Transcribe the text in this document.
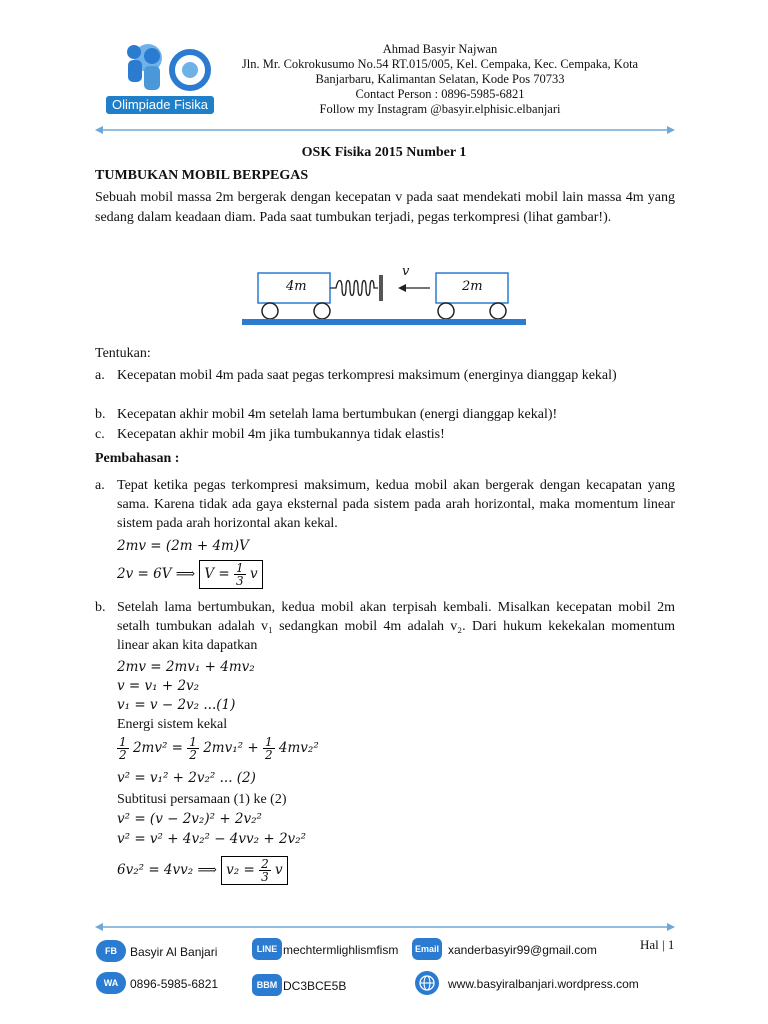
Olimpiade Fisika
Ahmad Basyir Najwan
Jln. Mr. Cokrokusumo No.54 RT.015/005, Kel. Cempaka, Kec. Cempaka, Kota
Banjarbaru, Kalimantan Selatan, Kode Pos 70733
Contact Person : 0896-5985-6821
Follow my Instagram @basyir.elphisic.elbanjari
OSK Fisika 2015 Number 1
TUMBUKAN MOBIL BERPEGAS
Sebuah mobil massa 2m bergerak dengan kecepatan v pada saat mendekati mobil lain massa 4m yang sedang dalam keadaan diam. Pada saat tumbukan terjadi, pegas terkompresi (lihat gambar!).
4m	2m
v
Tentukan:
a. Kecepatan mobil 4m pada saat pegas terkompresi maksimum (energinya dianggap kekal)
b. Kecepatan akhir mobil 4m setelah lama bertumbukan (energi dianggap kekal)!
c. Kecepatan akhir mobil 4m jika tumbukannya tidak elastis!
Pembahasan :
a. Tepat ketika pegas terkompresi maksimum, kedua mobil akan bergerak dengan kecapatan yang sama. Karena tidak ada gaya eksternal pada sistem pada arah horizontal, maka momentum linear sistem pada arah horizontal akan kekal.
2mv = (2m + 4m)V
2v = 6V ⟹ $V = \frac{1}{3}$ v
b. Setelah lama bertumbukan, kedua mobil akan terpisah kembali. Misalkan kecepatan mobil 2m setalh tumbukan adalah v₁ sedangkan mobil 4m adalah v₂. Dari hukum kekekalan momentum linear akan kita dapatkan
2mv = 2mv₁ + 4mv₂
v = v₁ + 2v₂
v₁ = v − 2v₂ ...(1)
Energi sistem kekal
$\frac{1}{2} 2mv^2 = \frac{1}{2} 2mv_1^2 + \frac{1}{2} 4mv_2^2$
v² = v₁² + 2v₂² ... (2)
Subtitusi persamaan (1) ke (2)
v² = (v − 2v₂)² + 2v₂²
v² = v² + 4v₂² − 4vv₂ + 2v₂²
6v₂² = 4vv₂ ⟹ $v_2 = \frac{2}{3}$ v
Hal | 1
FB	Basyir Al Banjari	LINE mechtermlighlismfism	Email xanderbasyir99@gmail.com
WA 0896-5985-6821	BBM DC3BCE5B	www.basyiralbanjari.wordpress.com
